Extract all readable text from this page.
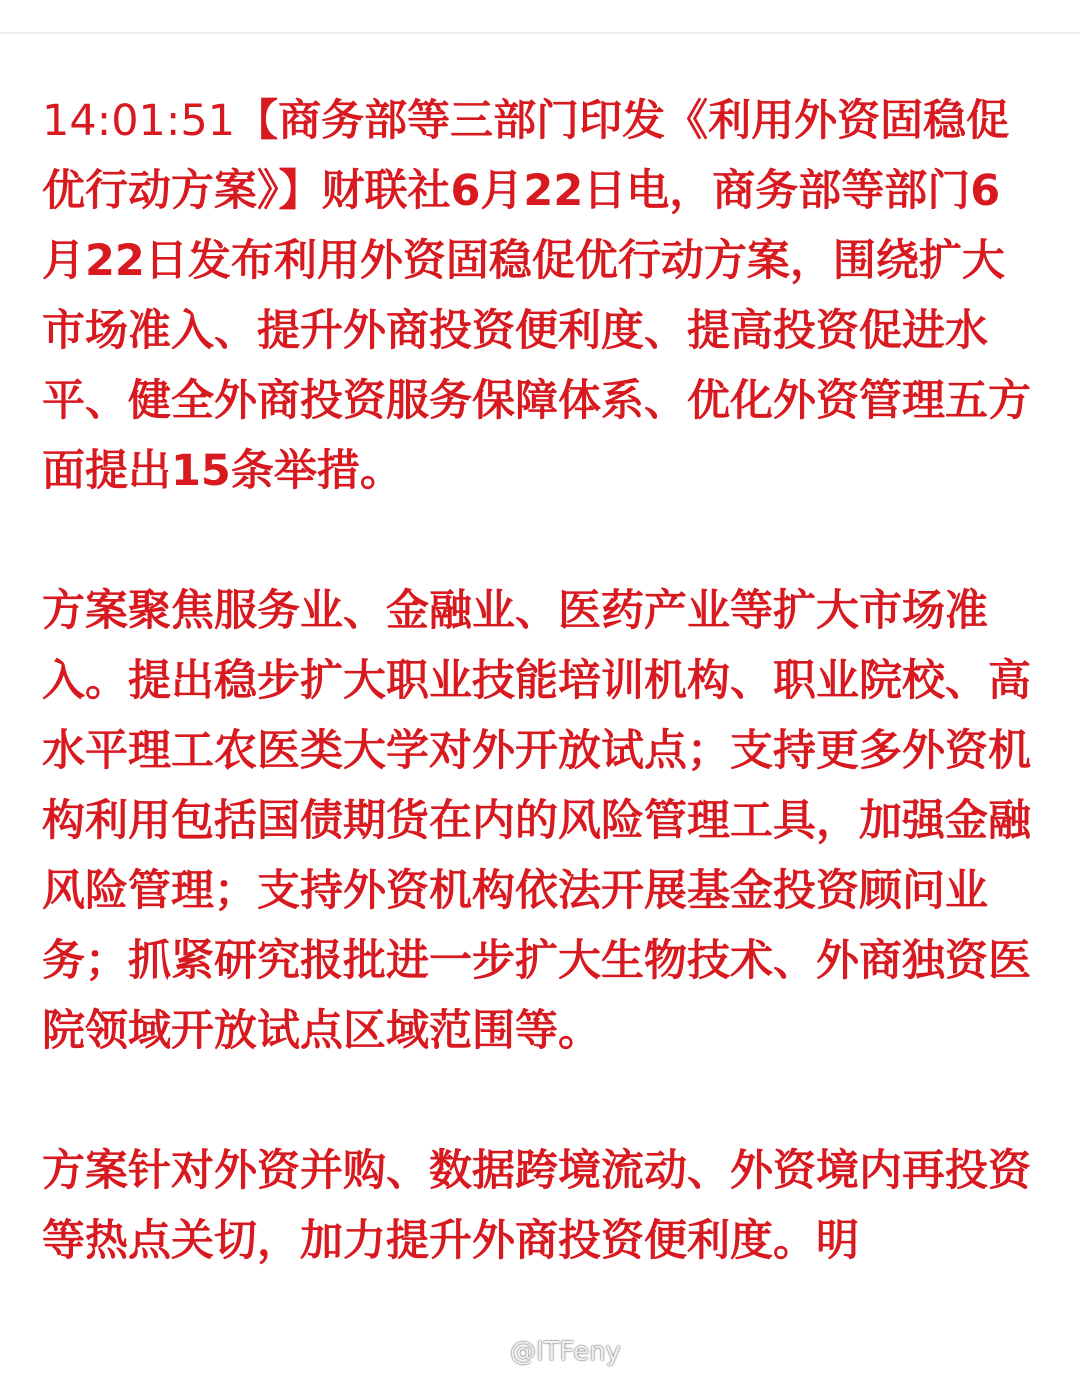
14:01:51【商务部等三部门印发《利用外资固稳促优行动方案》】财联社6月22日电，商务部等部门6月22日发布利用外资固稳促优行动方案，围绕扩大市场准入、提升外商投资便利度、提高投资促进水平、健全外商投资服务保障体系、优化外资管理五方面提出15条举措。

方案聚焦服务业、金融业、医药产业等扩大市场准入。提出稳步扩大职业技能培训机构、职业院校、高水平理工农医类大学对外开放试点；支持更多外资机构利用包括国债期货在内的风险管理工具，加强金融风险管理；支持外资机构依法开展基金投资顾问业务；抓紧研究报批进一步扩大生物技术、外商独资医院领域开放试点区域范围等。

方案针对外资并购、数据跨境流动、外资境内再投资等热点关切，加力提升外商投资便利度。明

@ITFeny
